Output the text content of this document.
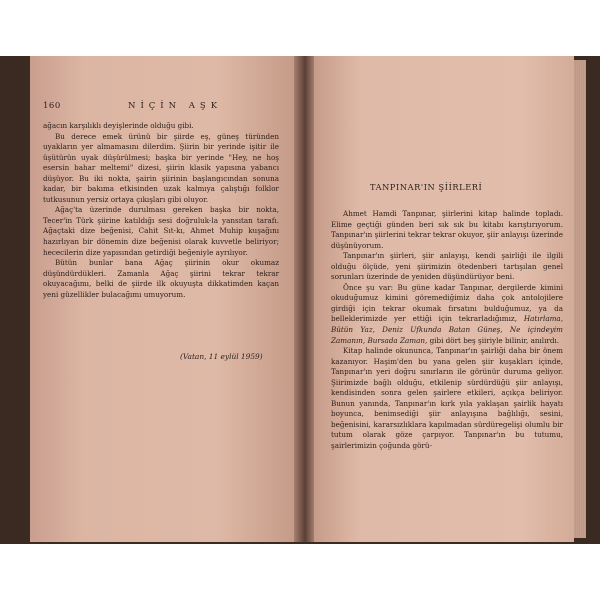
160	NİÇİN AŞK

ağacın karşılıklı deyişlerinde olduğu gibi.

Bu derece emek ürünü bir şiirde eş, güneş türünden uyakların yer almamasını dilerdim. Şiirin bir yerinde işitir ile üşütürün uyak düşürülmesi; başka bir yerinde "Hey, ne hoş esersin bahar meltemi" dizesi, şiirin klasik yapısına yabancı düşüyor. Bu iki nokta, şairin şiirinin başlangıcından sonuna kadar, bir bakıma etkisinden uzak kalmıya çalıştığı folklor tutkusunun yersiz ortaya çıkışları gibi oluyor.

Ağaç'ta üzerinde durulması gereken başka bir nokta, Tecer'in Türk şiirine katıldığı sesi doğruluk-la yansıtan tarafı. Ağaçtaki dize beğenisi, Cahit Sıt-kı, Ahmet Muhip kuşağını hazırlıyan bir dönemin dize beğenisi olarak kuvvetle beliriyor; hececilerin dize yapısından getirdiği beğeniyle ayrılıyor.

Bütün bunlar bana Ağaç şiirinin okur okumaz düşündürdükleri. Zamanla Ağaç şiirini tekrar tekrar okuyacağımı, belki de şiirde ilk okuyuşta dikkatimden kaçan yeni güzellikler bulacağımı umuyorum.

(Vatan, 11 eylül 1959)
TANPINAR'IN ŞİİRLERİ

Ahmet Hamdi Tanpınar, şiirlerini kitap halinde topladı. Elime geçtiği günden beri sık sık bu kitabı karıştırıyorum. Tanpınar'ın şiirlerini tekrar tekrar okuyor, şiir anlayışı üzerinde düşünüyorum.

Tanpınar'ın şiirleri, şiir anlayışı, kendi şairliği ile ilgili olduğu ölçüde, yeni şiirimizin ötedenberi tartışılan genel sorunları üzerinde de yeniden düşündürüyor beni.

Önce şu var: Bu güne kadar Tanpınar, dergilerde kimini okuduğumuz kimini göremediğimiz daha çok antolojilere girdiği için tekrar okumak fırsatını bulduğumuz, ya da belleklerimizde yer ettiği için tekrarladığımız, Hatırlama, Bütün Yaz, Deniz Ufkunda Batan Güneş, Ne içindeyim Zamanın, Bursada Zaman, gibi dört beş şiiriyle bilinir, anılırdı.

Kitap halinde okununca, Tanpınar'ın şairliği daha bir önem kazanıyor. Haşim'den bu yana gelen şiir kuşakları içinde, Tanpınar'ın yeri doğru sınırların ile görünür duruma geliyor. Şiirimizde bağlı olduğu, etkilenip sürdürdüğü şiir anlayışı, kendisinden sonra gelen şairlere etkileri, açıkça beliriyor. Bunun yanında, Tanpınar'ın kırk yıla yaklaşan şairlik hayatı boyunca, benimsediği şiir anlayışına bağlılığı, sesini, beğenisini, kararsızlıklara kapılmadan sürdüregelişi olumlu bir tutum olarak göze çarpıyor. Tanpınar'ın bu tutumu, şairlerimizin çoğunda görü-
